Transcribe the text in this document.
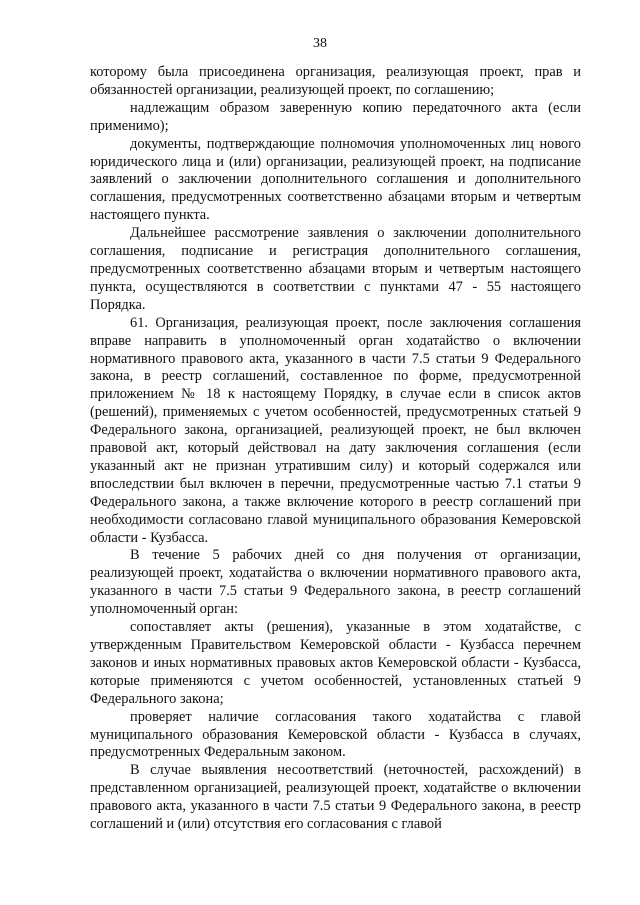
38

которому была присоединена организация, реализующая проект, прав и обязанностей организации, реализующей проект, по соглашению;

надлежащим образом заверенную копию передаточного акта (если применимо);

документы, подтверждающие полномочия уполномоченных лиц нового юридического лица и (или) организации, реализующей проект, на подписание заявлений о заключении дополнительного соглашения и дополнительного соглашения, предусмотренных соответственно абзацами вторым и четвертым настоящего пункта.

Дальнейшее рассмотрение заявления о заключении дополнительного соглашения, подписание и регистрация дополнительного соглашения, предусмотренных соответственно абзацами вторым и четвертым настоящего пункта, осуществляются в соответствии с пунктами 47 - 55 настоящего Порядка.

61. Организация, реализующая проект, после заключения соглашения вправе направить в уполномоченный орган ходатайство о включении нормативного правового акта, указанного в части 7.5 статьи 9 Федерального закона, в реестр соглашений, составленное по форме, предусмотренной приложением № 18 к настоящему Порядку, в случае если в список актов (решений), применяемых с учетом особенностей, предусмотренных статьей 9 Федерального закона, организацией, реализующей проект, не был включен правовой акт, который действовал на дату заключения соглашения (если указанный акт не признан утратившим силу) и который содержался или впоследствии был включен в перечни, предусмотренные частью 7.1 статьи 9 Федерального закона, а также включение которого в реестр соглашений при необходимости согласовано главой муниципального образования Кемеровской области - Кузбасса.

В течение 5 рабочих дней со дня получения от организации, реализующей проект, ходатайства о включении нормативного правового акта, указанного в части 7.5 статьи 9 Федерального закона, в реестр соглашений уполномоченный орган:

сопоставляет акты (решения), указанные в этом ходатайстве, с утвержденным Правительством Кемеровской области - Кузбасса перечнем законов и иных нормативных правовых актов Кемеровской области - Кузбасса, которые применяются с учетом особенностей, установленных статьей 9 Федерального закона;

проверяет наличие согласования такого ходатайства с главой муниципального образования Кемеровской области - Кузбасса в случаях, предусмотренных Федеральным законом.

В случае выявления несоответствий (неточностей, расхождений) в представленном организацией, реализующей проект, ходатайстве о включении правового акта, указанного в части 7.5 статьи 9 Федерального закона, в реестр соглашений и (или) отсутствия его согласования с главой
